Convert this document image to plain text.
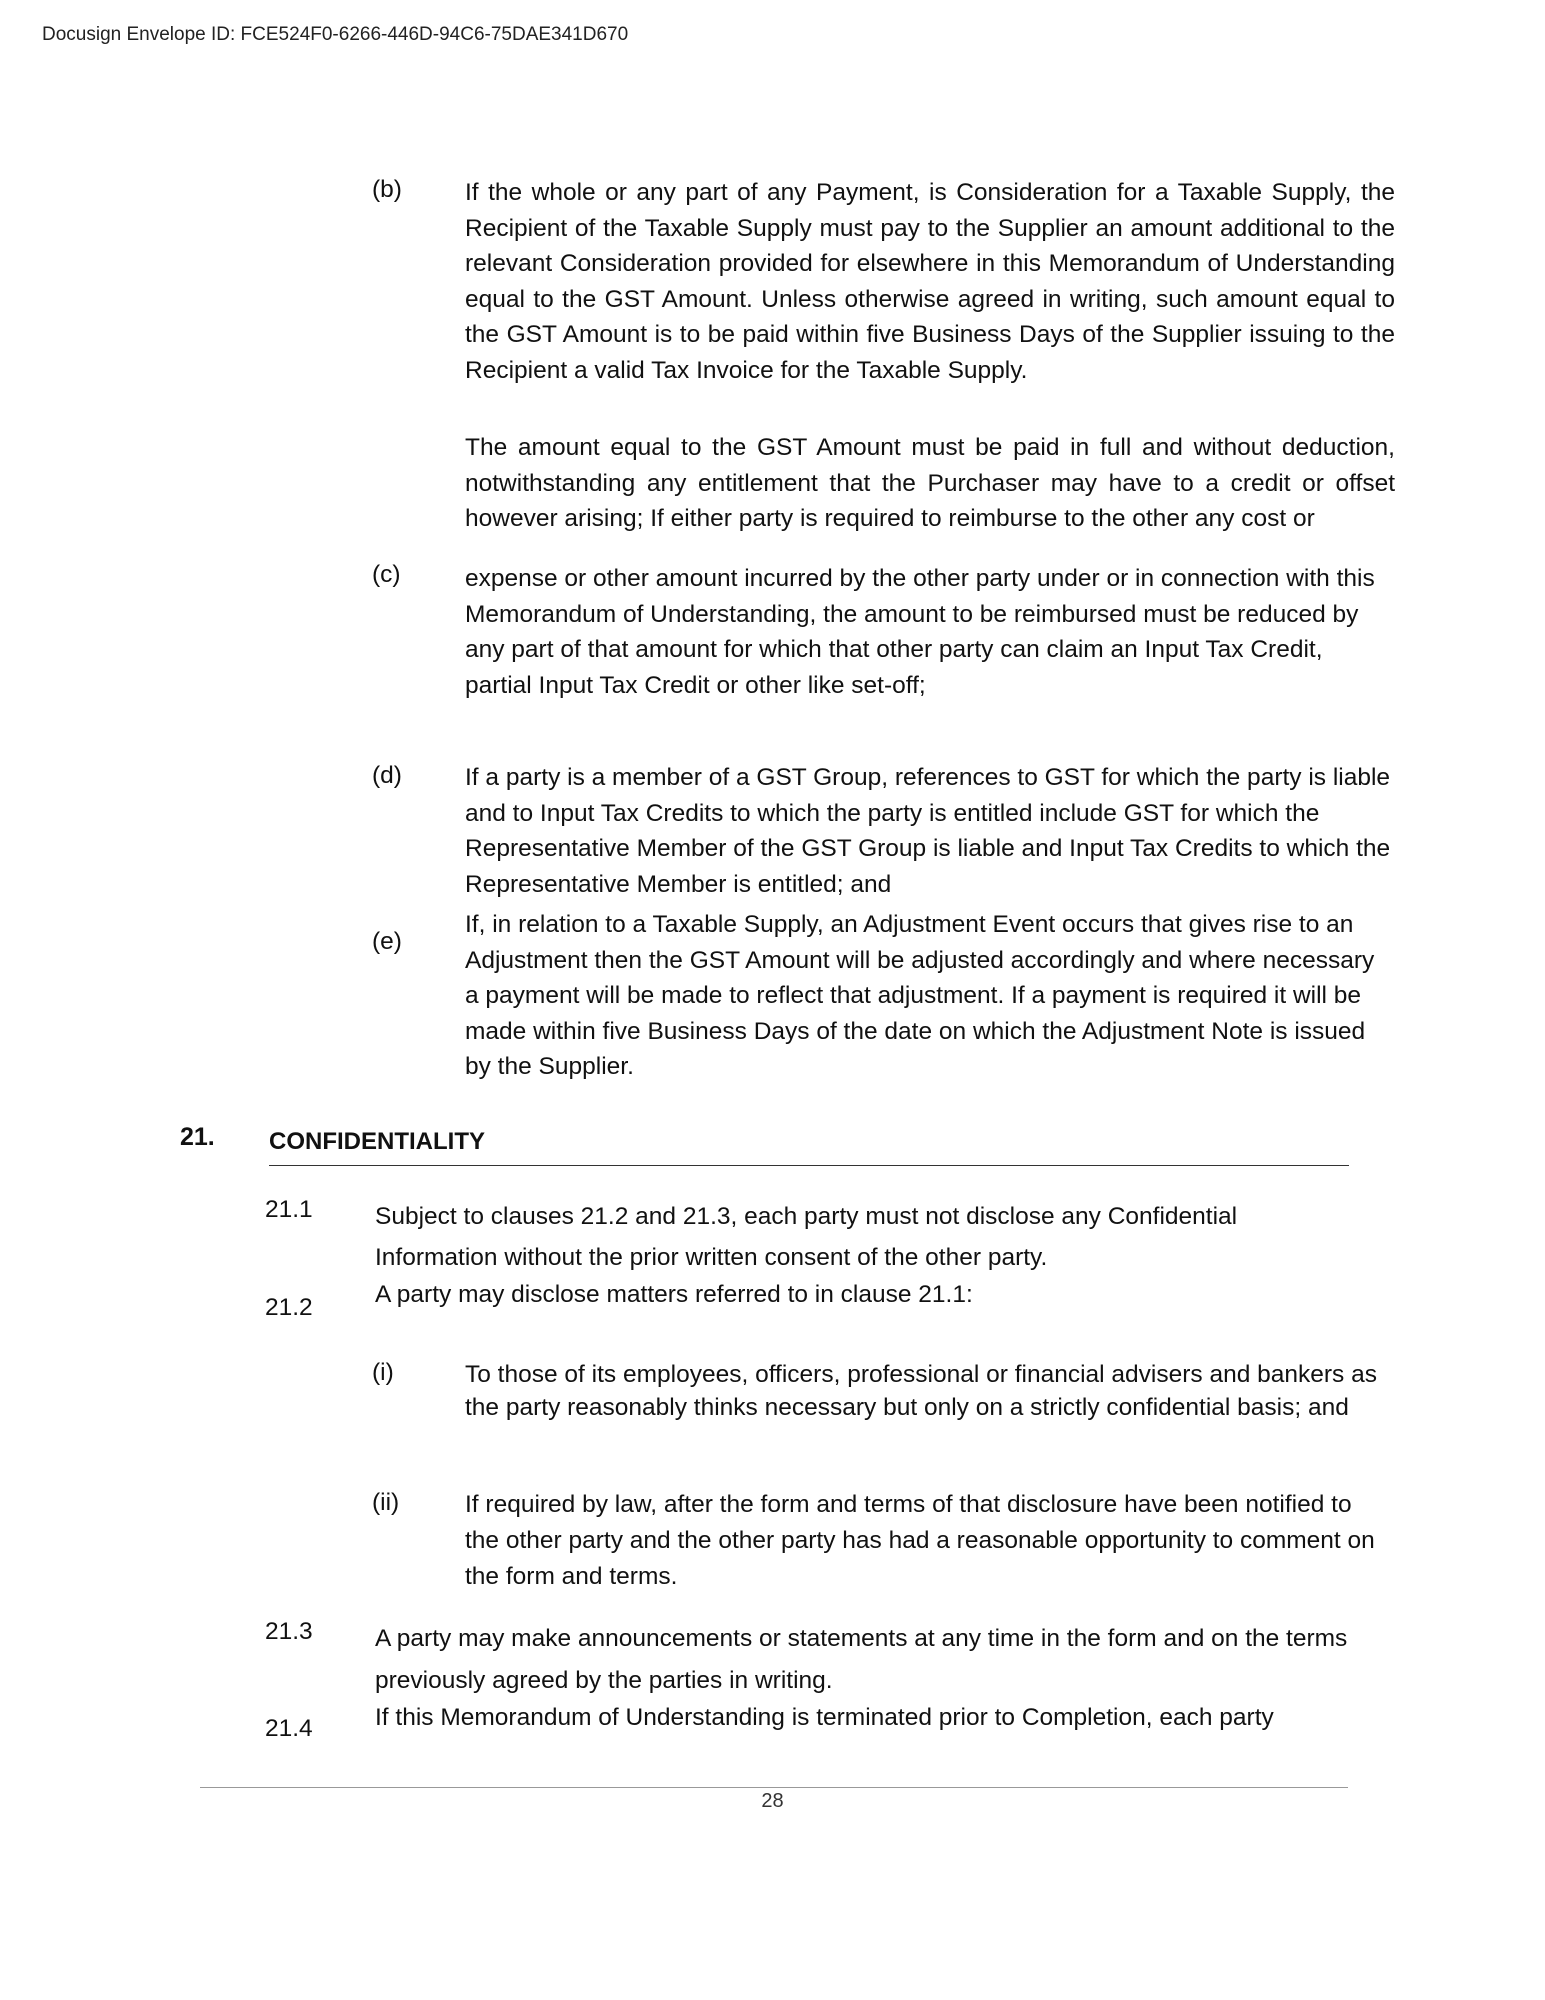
Docusign Envelope ID: FCE524F0-6266-446D-94C6-75DAE341D670
(b)	If the whole or any part of any Payment, is Consideration for a Taxable Supply, the Recipient of the Taxable Supply must pay to the Supplier an amount additional to the relevant Consideration provided for elsewhere in this Memorandum of Understanding equal to the GST Amount. Unless otherwise agreed in writing, such amount equal to the GST Amount is to be paid within five Business Days of the Supplier issuing to the Recipient a valid Tax Invoice for the Taxable Supply.

The amount equal to the GST Amount must be paid in full and without deduction, notwithstanding any entitlement that the Purchaser may have to a credit or offset however arising; If either party is required to reimburse to the other any cost or

(c)	expense or other amount incurred by the other party under or in connection with this Memorandum of Understanding, the amount to be reimbursed must be reduced by any part of that amount for which that other party can claim an Input Tax Credit, partial Input Tax Credit or other like set-off;

(d)	If a party is a member of a GST Group, references to GST for which the party is liable and to Input Tax Credits to which the party is entitled include GST for which the Representative Member of the GST Group is liable and Input Tax Credits to which the Representative Member is entitled; and

(e)

If, in relation to a Taxable Supply, an Adjustment Event occurs that gives rise to an Adjustment then the GST Amount will be adjusted accordingly and where necessary a payment will be made to reflect that adjustment. If a payment is required it will be made within five Business Days of the date on which the Adjustment Note is issued by the Supplier.

21. CONFIDENTIALITY
21.1	Subject to clauses 21.2 and 21.3, each party must not disclose any Confidential Information without the prior written consent of the other party.

21.2	A party may disclose matters referred to in clause 21.1:

(i)	To those of its employees, officers, professional or financial advisers and bankers as the party reasonably thinks necessary but only on a strictly confidential basis; and

(ii)	If required by law, after the form and terms of that disclosure have been notified to the other party and the other party has had a reasonable opportunity to comment on the form and terms.

21.3	A party may make announcements or statements at any time in the form and on the terms previously agreed by the parties in writing.

21.4	If this Memorandum of Understanding is terminated prior to Completion, each party

28
